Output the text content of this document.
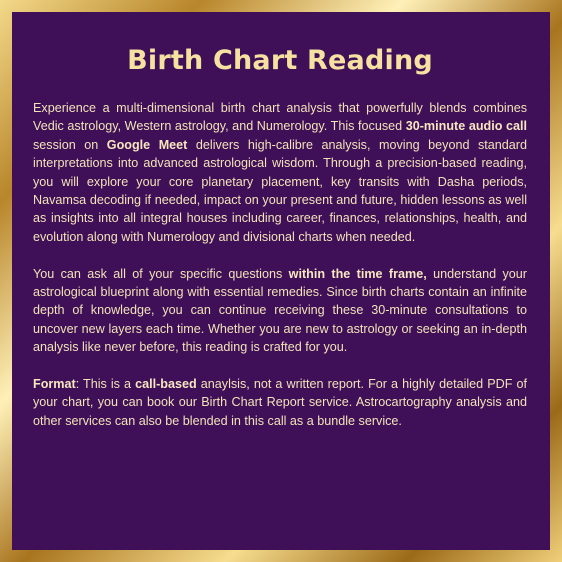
Birth Chart Reading

Experience a multi-dimensional birth chart analysis that powerfully blends combines Vedic astrology, Western astrology, and Numerology. This focused 30-minute audio call session on Google Meet delivers high-calibre analysis, moving beyond standard interpretations into advanced astrological wisdom. Through a precision-based reading, you will explore your core planetary placement, key transits with Dasha periods, Navamsa decoding if needed, impact on your present and future, hidden lessons as well as insights into all integral houses including career, finances, relationships, health, and evolution along with Numerology and divisional charts when needed.

You can ask all of your specific questions within the time frame, understand your astrological blueprint along with essential remedies. Since birth charts contain an infinite depth of knowledge, you can continue receiving these 30-minute consultations to uncover new layers each time. Whether you are new to astrology or seeking an in-depth analysis like never before, this reading is crafted for you.

Format: This is a call-based anaylsis, not a written report. For a highly detailed PDF of your chart, you can book our Birth Chart Report service. Astrocartography analysis and other services can also be blended in this call as a bundle service.
